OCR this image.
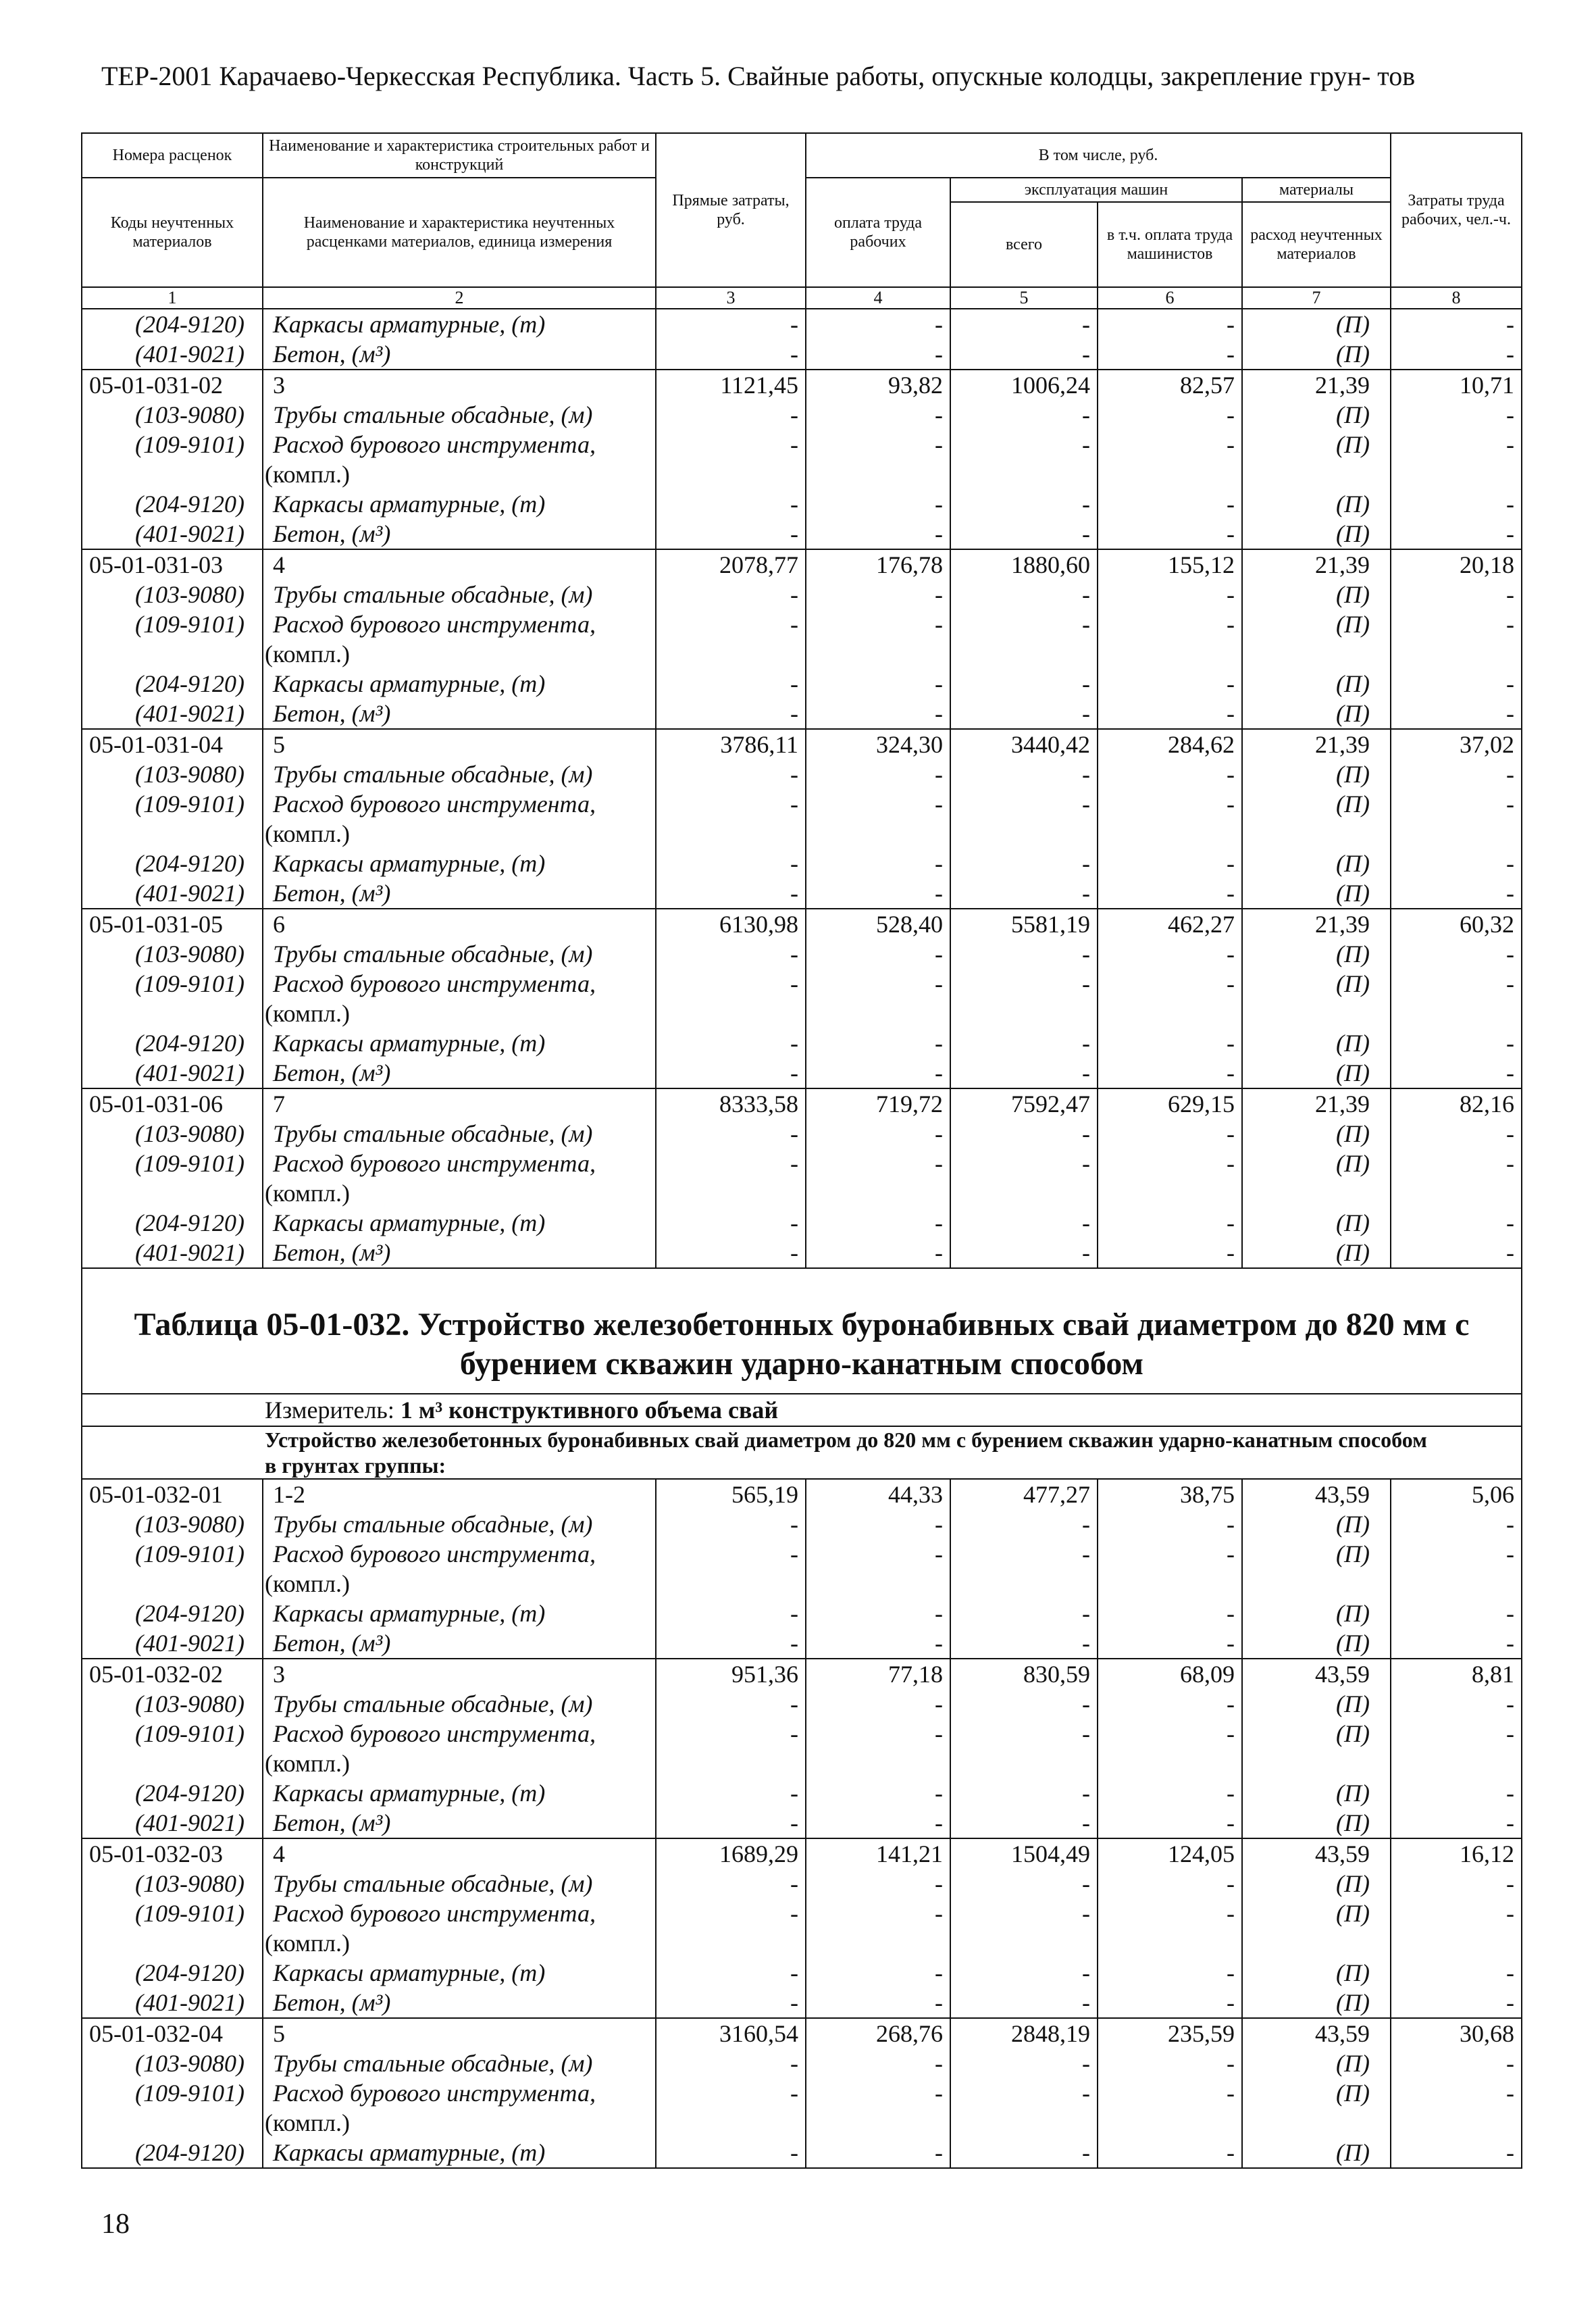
ТЕР-2001 Карачаево-Черкесская Республика. Часть 5. Свайные работы, опускные колодцы, закрепление грун- тов
Номера расценок	Наименование и характеристика строительных работ и конструкций	Прямые затраты, руб.	В том числе, руб.				Затраты труда рабочих, чел.-ч.
Коды неучтенных материалов	Наименование и характеристика неучтенных расценками материалов, единица измерения		оплата труда рабочих	эксплуатация машин		материалы	
				всего	в т.ч. оплата труда машинистов	расход неучтенных материалов	
1	2	3	4	5	6	7	8
(204-9120)	Каркасы арматурные, (т)	-	-	-	-	(П)	-
(401-9021)	Бетон, (м³)	-	-	-	-	(П)	-
05-01-031-02	3	1121,45	93,82	1006,24	82,57	21,39	10,71
(103-9080)	Трубы стальные обсадные, (м)	-	-	-	-	(П)	-
(109-9101)	Расход бурового инструмента,	-	-	-	-	(П)	-
	(компл.)						
(204-9120)	Каркасы арматурные, (т)	-	-	-	-	(П)	-
(401-9021)	Бетон, (м³)	-	-	-	-	(П)	-
05-01-031-03	4	2078,77	176,78	1880,60	155,12	21,39	20,18
(103-9080)	Трубы стальные обсадные, (м)	-	-	-	-	(П)	-
(109-9101)	Расход бурового инструмента,	-	-	-	-	(П)	-
	(компл.)						
(204-9120)	Каркасы арматурные, (т)	-	-	-	-	(П)	-
(401-9021)	Бетон, (м³)	-	-	-	-	(П)	-
05-01-031-04	5	3786,11	324,30	3440,42	284,62	21,39	37,02
(103-9080)	Трубы стальные обсадные, (м)	-	-	-	-	(П)	-
(109-9101)	Расход бурового инструмента,	-	-	-	-	(П)	-
	(компл.)						
(204-9120)	Каркасы арматурные, (т)	-	-	-	-	(П)	-
(401-9021)	Бетон, (м³)	-	-	-	-	(П)	-
05-01-031-05	6	6130,98	528,40	5581,19	462,27	21,39	60,32
(103-9080)	Трубы стальные обсадные, (м)	-	-	-	-	(П)	-
(109-9101)	Расход бурового инструмента,	-	-	-	-	(П)	-
	(компл.)						
(204-9120)	Каркасы арматурные, (т)	-	-	-	-	(П)	-
(401-9021)	Бетон, (м³)	-	-	-	-	(П)	-
05-01-031-06	7	8333,58	719,72	7592,47	629,15	21,39	82,16
(103-9080)	Трубы стальные обсадные, (м)	-	-	-	-	(П)	-
(109-9101)	Расход бурового инструмента,	-	-	-	-	(П)	-
	(компл.)						
(204-9120)	Каркасы арматурные, (т)	-	-	-	-	(П)	-
(401-9021)	Бетон, (м³)	-	-	-	-	(П)	-
Таблица 05-01-032. Устройство железобетонных буронабивных свай диаметром до 820 мм с бурением скважин ударно-канатным способом							
Измеритель: 1 м³ конструктивного объема свай							
Устройство железобетонных буронабивных свай диаметром до 820 мм с бурением скважин ударно-канатным способом в грунтах группы:							
05-01-032-01	1-2	565,19	44,33	477,27	38,75	43,59	5,06
(103-9080)	Трубы стальные обсадные, (м)	-	-	-	-	(П)	-
(109-9101)	Расход бурового инструмента,	-	-	-	-	(П)	-
	(компл.)						
(204-9120)	Каркасы арматурные, (т)	-	-	-	-	(П)	-
(401-9021)	Бетон, (м³)	-	-	-	-	(П)	-
05-01-032-02	3	951,36	77,18	830,59	68,09	43,59	8,81
(103-9080)	Трубы стальные обсадные, (м)	-	-	-	-	(П)	-
(109-9101)	Расход бурового инструмента,	-	-	-	-	(П)	-
	(компл.)						
(204-9120)	Каркасы арматурные, (т)	-	-	-	-	(П)	-
(401-9021)	Бетон, (м³)	-	-	-	-	(П)	-
05-01-032-03	4	1689,29	141,21	1504,49	124,05	43,59	16,12
(103-9080)	Трубы стальные обсадные, (м)	-	-	-	-	(П)	-
(109-9101)	Расход бурового инструмента,	-	-	-	-	(П)	-
	(компл.)						
(204-9120)	Каркасы арматурные, (т)	-	-	-	-	(П)	-
(401-9021)	Бетон, (м³)	-	-	-	-	(П)	-
05-01-032-04	5	3160,54	268,76	2848,19	235,59	43,59	30,68
(103-9080)	Трубы стальные обсадные, (м)	-	-	-	-	(П)	-
(109-9101)	Расход бурового инструмента,	-	-	-	-	(П)	-
	(компл.)						
(204-9120)	Каркасы арматурные, (т)	-	-	-	-	(П)	-
18
